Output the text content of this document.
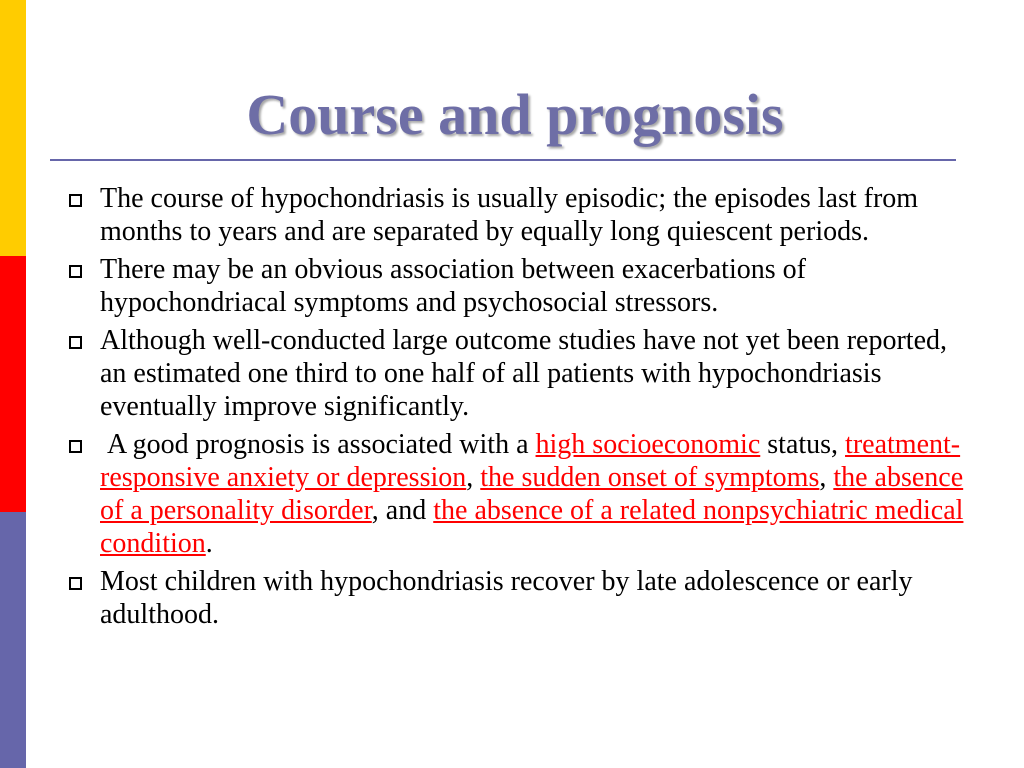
Course and prognosis
The course of hypochondriasis is usually episodic; the episodes last from months to years and are separated by equally long quiescent periods.
There may be an obvious association between exacerbations of hypochondriacal symptoms and psychosocial stressors.
Although well-conducted large outcome studies have not yet been reported, an estimated one third to one half of all patients with hypochondriasis eventually improve significantly.
A good prognosis is associated with a high socioeconomic status, treatment-responsive anxiety or depression, the sudden onset of symptoms, the absence of a personality disorder, and the absence of a related nonpsychiatric medical condition.
Most children with hypochondriasis recover by late adolescence or early adulthood.
